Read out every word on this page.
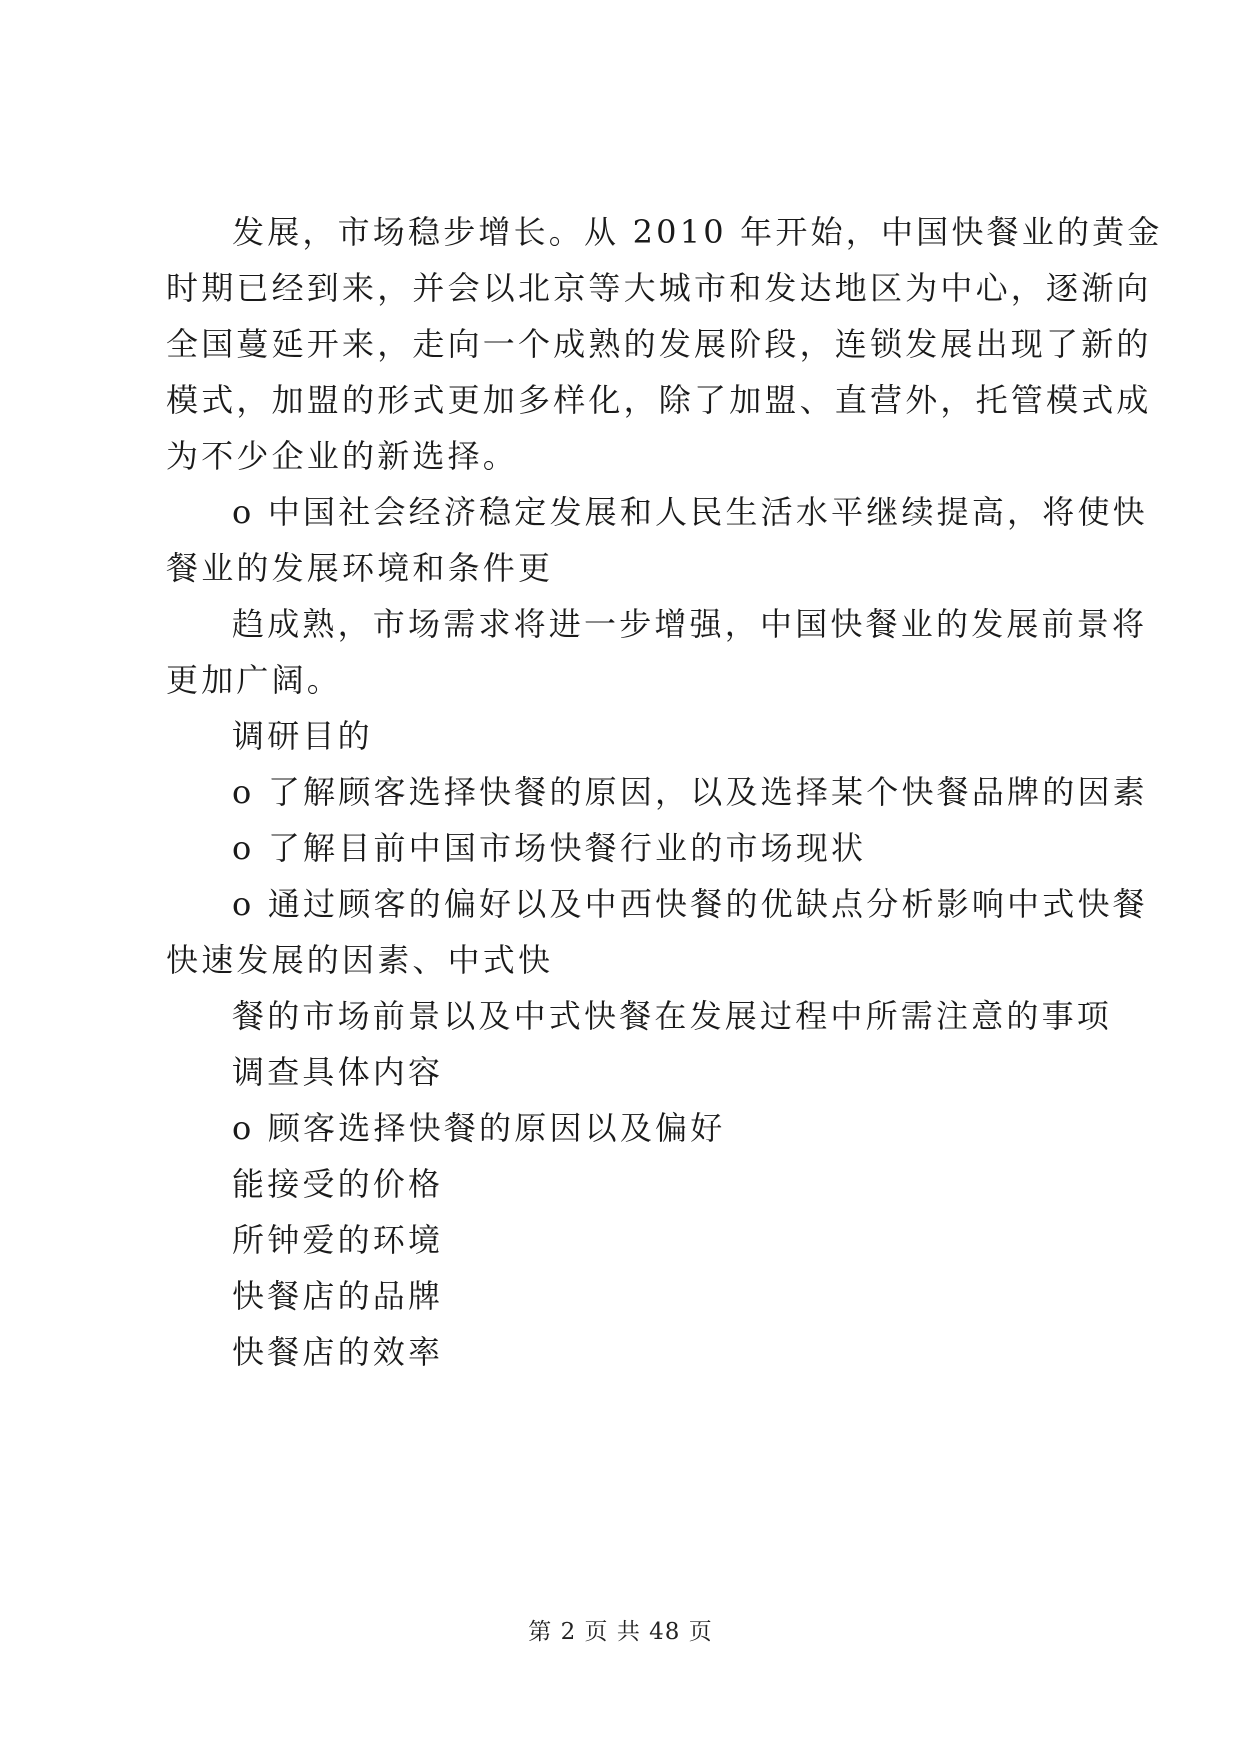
发展，市场稳步增长。从 2010 年开始，中国快餐业的黄金
时期已经到来，并会以北京等大城市和发达地区为中心，逐渐向
全国蔓延开来，走向一个成熟的发展阶段，连锁发展出现了新的
模式，加盟的形式更加多样化，除了加盟、直营外，托管模式成
为不少企业的新选择。
o 中国社会经济稳定发展和人民生活水平继续提高，将使快
餐业的发展环境和条件更
趋成熟，市场需求将进一步增强，中国快餐业的发展前景将
更加广阔。
调研目的
o 了解顾客选择快餐的原因，以及选择某个快餐品牌的因素
o 了解目前中国市场快餐行业的市场现状
o 通过顾客的偏好以及中西快餐的优缺点分析影响中式快餐
快速发展的因素、中式快
餐的市场前景以及中式快餐在发展过程中所需注意的事项
调查具体内容
o 顾客选择快餐的原因以及偏好
能接受的价格
所钟爱的环境
快餐店的品牌
快餐店的效率
第 2 页 共 48 页
